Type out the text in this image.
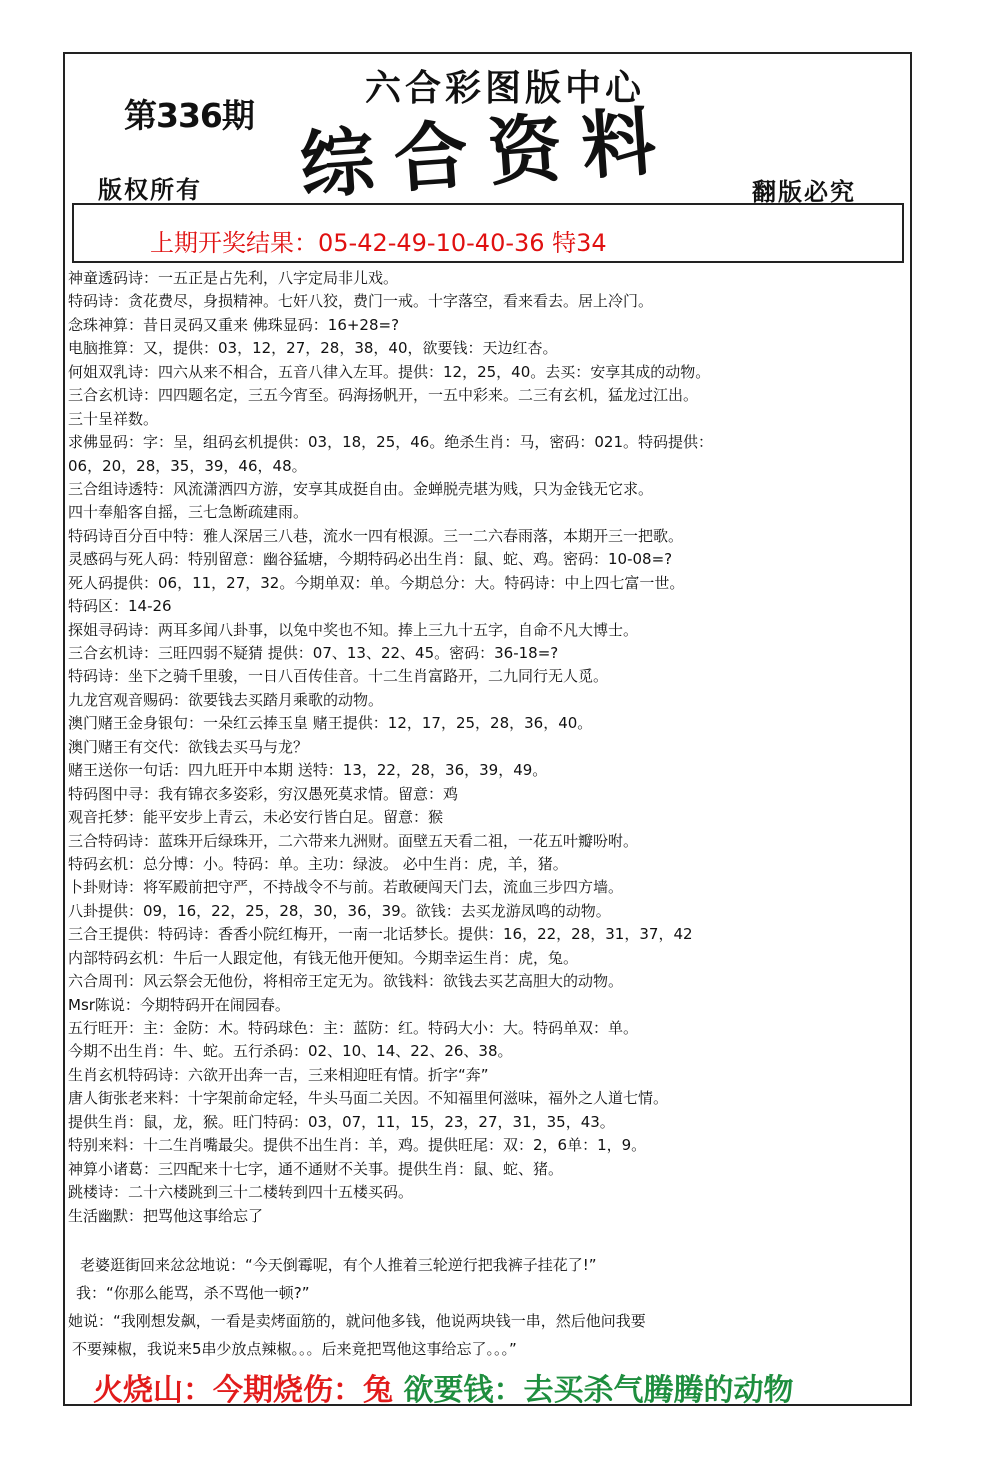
第336期
六合彩图版中心
综合资料
版权所有	翻版必究
上期开奖结果：05-42-49-10-40-36 特34
神童透码诗：一五正是占先利，八字定局非儿戏。
特码诗：贪花费尽，身损精神。七奸八狡，费门一戒。十字落空，看来看去。居上冷门。
念珠神算：昔日灵码又重来 佛珠显码：16+28=?
电脑推算：又，提供：03，12，27，28，38，40，欲要钱：天边红杏。
何姐双乳诗：四六从来不相合，五音八律入左耳。提供：12，25，40。去买：安享其成的动物。
三合玄机诗：四四题名定，三五今宵至。码海扬帆开，一五中彩来。二三有玄机，猛龙过江出。
三十呈祥数。
求佛显码：字：呈，组码玄机提供：03，18，25，46。绝杀生肖：马，密码：021。特码提供：
06，20，28，35，39，46，48。
三合组诗透特：风流潇洒四方游，安享其成挺自由。金蝉脱壳堪为贱，只为金钱无它求。
四十奉船客自摇，三七急断疏建雨。
特码诗百分百中特：雅人深居三八巷，流水一四有根源。三一二六春雨落，本期开三一把歌。
灵感码与死人码：特别留意：幽谷猛塘，今期特码必出生肖：鼠、蛇、鸡。密码：10-08=?
死人码提供：06，11，27，32。今期单双：单。今期总分：大。特码诗：中上四七富一世。
特码区：14-26
探姐寻码诗：两耳多闻八卦事，以兔中奖也不知。捧上三九十五字，自命不凡大博士。
三合玄机诗：三旺四弱不疑猜 提供：07、13、22、45。密码：36-18=?
特码诗：坐下之骑千里骏，一日八百传佳音。十二生肖富路开，二九同行无人觅。
九龙宫观音赐码：欲要钱去买踏月乘歌的动物。
澳门赌王金身银句：一朵红云捧玉皇 赌王提供：12，17，25，28，36，40。
澳门赌王有交代：欲钱去买马与龙？
赌王送你一句话：四九旺开中本期 送特：13，22，28，36，39，49。
特码图中寻：我有锦衣多姿彩，穷汉愚死莫求情。留意：鸡
观音托梦：能平安步上青云，未必安行皆白足。留意：猴
三合特码诗：蓝珠开后绿珠开，二六带来九洲财。面壁五天看二祖，一花五叶瓣吩咐。
特码玄机：总分博：小。特码：单。主功：绿波。 必中生肖：虎，羊，猪。
卜卦财诗：将军殿前把守严，不持战令不与前。若敢硬闯天门去，流血三步四方墙。
八卦提供：09，16，22，25，28，30，36，39。欲钱：去买龙游凤鸣的动物。
三合王提供：特码诗：香香小院红梅开，一南一北话梦长。提供：16，22，28，31，37，42
内部特码玄机：牛后一人跟定他，有钱无他开便知。今期幸运生肖：虎，兔。
六合周刊：风云祭会无他份，将相帝王定无为。欲钱料：欲钱去买艺高胆大的动物。
Msr陈说：今期特码开在闹园春。
五行旺开：主：金防：木。特码球色：主：蓝防：红。特码大小：大。特码单双：单。
今期不出生肖：牛、蛇。五行杀码：02、10、14、22、26、38。
生肖玄机特码诗：六欲开出奔一吉，三来相迎旺有情。折字“奔”
唐人街张老来料：十字架前命定轻，牛头马面二关因。不知福里何滋味，福外之人道七情。
提供生肖：鼠，龙，猴。旺门特码：03，07，11，15，23，27，31，35，43。
特别来料：十二生肖嘴最尖。提供不出生肖：羊，鸡。提供旺尾：双：2，6单：1，9。
神算小诸葛：三四配来十七字，通不通财不关事。提供生肖：鼠、蛇、猪。
跳楼诗：二十六楼跳到三十二楼转到四十五楼买码。
生活幽默：把骂他这事给忘了
老婆逛街回来忿忿地说：“今天倒霉呢，有个人推着三轮逆行把我裤子挂花了!”
我：“你那么能骂，杀不骂他一顿?”
她说：“我刚想发飙，一看是卖烤面筋的，就问他多钱，他说两块钱一串，然后他问我要
不要辣椒，我说来5串少放点辣椒。。。后来竟把骂他这事给忘了。。。”
火烧山：今期烧伤：兔 欲要钱：去买杀气腾腾的动物
